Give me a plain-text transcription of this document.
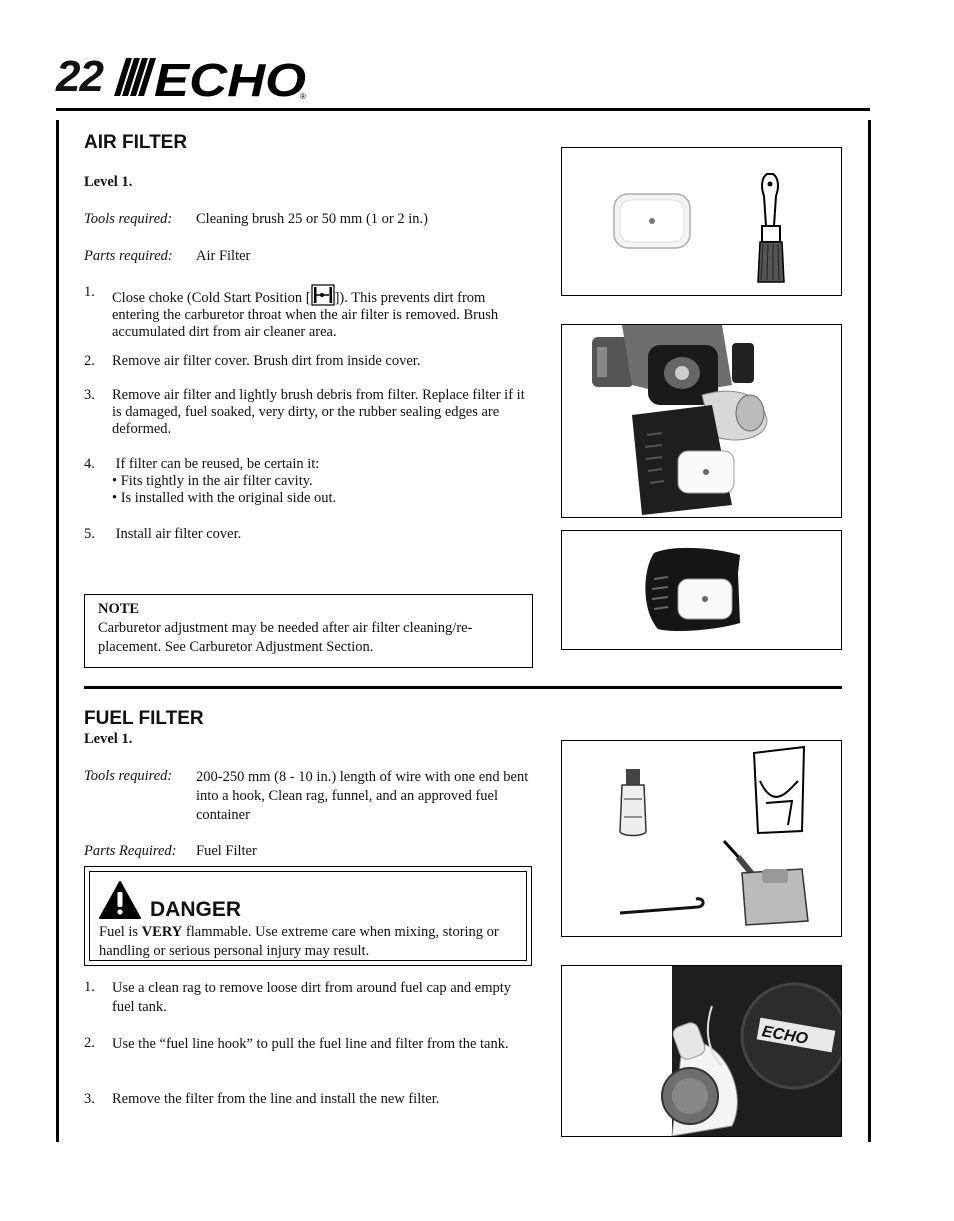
22 ECHO
®
AIR FILTER
Level 1.
Tools required: Cleaning brush 25 or 50 mm (1 or 2 in.)
Parts required: Air Filter
1. Close choke (Cold Start Position [ ]). This prevents dirt from entering the carburetor throat when the air filter is removed. Brush accumulated dirt from air cleaner area.
2. Remove air filter cover. Brush dirt from inside cover.
3. Remove air filter and lightly brush debris from filter. Replace filter if it is damaged, fuel soaked, very dirty, or the rubber sealing edges are deformed.
4. If filter can be reused, be certain it:
• Fits tightly in the air filter cavity.
• Is installed with the original side out.
5. Install air filter cover.
NOTE
Carburetor adjustment may be needed after air filter cleaning/re-placement. See Carburetor Adjustment Section.
FUEL FILTER
Level 1.
Tools required: 200-250 mm (8 - 10 in.) length of wire with one end bent into a hook, Clean rag, funnel, and an approved fuel container
Parts Required: Fuel Filter
DANGER
Fuel is VERY flammable. Use extreme care when mixing, storing or handling or serious personal injury may result.
1. Use a clean rag to remove loose dirt from around fuel cap and empty fuel tank.
2. Use the “fuel line hook” to pull the fuel line and filter from the tank.
3. Remove the filter from the line and install the new filter.
ECHO
